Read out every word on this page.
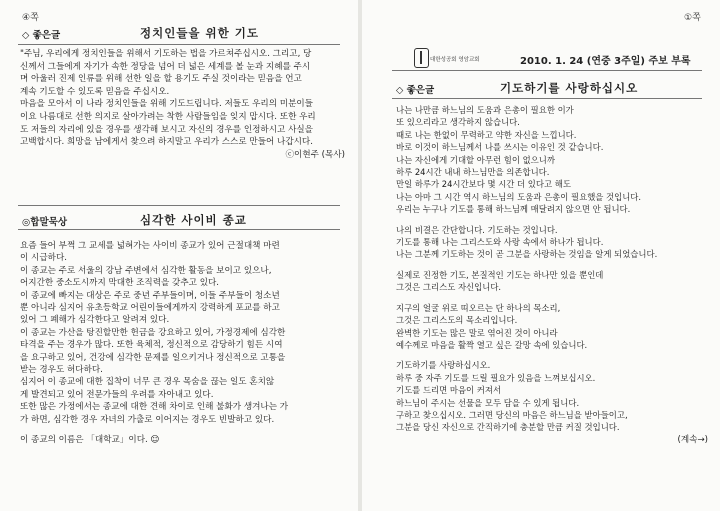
④쪽
◇ 좋은글	정치인들을 위한 기도

"주님, 우리에게 정치인들을 위해서 기도하는 법을 가르쳐주십시오. 그리고, 당

신께서 그들에게 자기가 속한 정당을 넘어 더 넓은 세계를 볼 눈과 지혜를 주시

며 아울러 진제 인류를 위해 선한 일을 할 용기도 주실 것이라는 믿음을 언고

계속 기도할 수 있도록 믿음을 주십시오.

마음을 모아서 이 나라 정치인들을 위해 기도드립니다. 저들도 우리의 미분이들

이요 나름대로 선한 의지로 살아가려는 착한 사람들임을 잊지 맙시다. 또한 우리

도 저들의 자리에 있을 경우를 생각해 보시고 자신의 경우를 인정하시고 사실을

고백합시다. 희망을 남에게서 찾으려 하지말고 우리가 스스로 만들어 나갑시다.

ⓒ이현주 (목사)

◎합말묵상	심각한 사이비 종교

요즘 들어 부쩍 그 교세를 넓혀가는 사이비 종교가 있어 근절대책 마련

이 시급하다.

이 종교는 주로 서울의 강남 주변에서 심각한 활동을 보이고 있으나,

어지간한 중소도시까지 막대한 조직력을 갖추고 있다.

이 종교에 빠지는 대상은 주로 중년 주부들이며, 이들 주부들이 청소년

뿐 아니라 심지어 유초등학교 어린이들에게까지 강력하게 포교를 하고

있어 그 폐해가 심각한다고 알려져 있다.

이 종교는 가산을 탕진할만한 헌금을 강요하고 있어, 가정경제에 심각한

타격을 주는 경우가 많다. 또한 육체적, 정신적으로 감당하기 힘든 시여

을 요구하고 있어, 건강에 심각한 문제를 일으키거나 정신적으로 고통을

받는 경우도 허다하다.

심지어 이 종교에 대한 집착이 너무 큰 경우 목숨을 끊는 일도 혼치않

게 발견되고 있어 전문가들의 우려를 자아내고 있다.

또한 많은 가정에서는 종교에 대한 견해 차이로 인해 불화가 생겨나는 가

가 하면, 심각한 경우 자녀의 가출로 이어지는 경우도 빈발하고 있다.

이 종교의 이름은 「대학교」이다. ☺

①쪽
대한성공회 영암교회	2010. 1. 24 (연중 3주일) 주보 부록
◇ 좋은글	기도하기를 사랑하십시오

나는 나만큼 하느님의 도움과 은총이 필요한 이가

또 있으리라고 생각하지 않습니다.

때로 나는 한없이 무력하고 약한 자신을 느낍니다.

바로 이것이 하느님께서 나를 쓰시는 이유인 것 같습니다.

나는 자신에게 기대할 아무런 힘이 없으니까

하루 24시간 내내 하느님만을 의존합니다.

만일 하루가 24시간보다 몇 시간 더 있다고 해도

나는 아마 그 시간 역시 하느님의 도움과 은총이 필요했을 것입니다.

우리는 누구나 기도를 통해 하느님께 매달려지 않으면 안 됩니다.

나의 비결은 간단합니다. 기도하는 것입니다.

기도를 통해 나는 그리스도와 사랑 속에서 하나가 됩니다.

나는 그분께 기도하는 것이 곧 그분을 사랑하는 것임을 알게 되었습니다.

실제로 진정한 기도, 본질적인 기도는 하나만 있을 뿐인데

그것은 그리스도 자신입니다.

지구의 얼굴 위로 띠오르는 단 하나의 목소리,

그것은 그리스도의 목소리입니다.

완벽한 기도는 많은 말로 엮어진 것이 아니라

예수께로 마음을 활짝 열고 싶은 갈망 속에 있습니다.

기도하기를 사랑하십시오.

하루 중 자주 기도를 드릴 필요가 있음을 느껴보십시오.

기도를 드리면 마음이 커져서

하느님이 주시는 선물을 모두 담을 수 있게 됩니다.

구하고 찾으십시오. 그러면 당신의 마음은 하느님을 받아들이고,

그분을 당신 자신으로 간직하기에 충분할 만큼 커질 것입니다.

(계속→)
